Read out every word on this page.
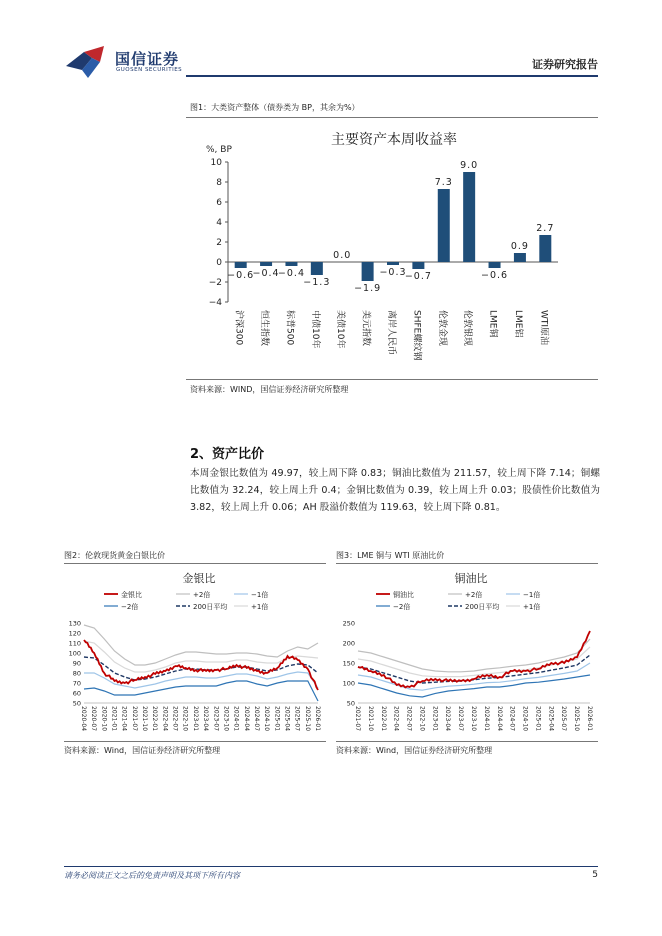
国信证券
GUOSEN SECURITIES	证券研究报告
图1：大类资产整体（债券类为 BP，其余为%）
主要资产本周收益率
%, BP
10
8
6
4
2
0
−2
−4
−0.6
−0.4
−0.4
−1.3
0.0
−1.9
−0.3
−0.7
7.3
9.0
−0.6
0.9
2.7
沪深300 恒生指数 标普500 中债10年 美债10年 美元指数 离岸人民币 SHFE螺纹钢 伦敦金现 伦敦银现 LME铜 LME铝 WTI原油
资料来源：WIND，国信证券经济研究所整理
2、资产比价
本周金银比数值为 49.97，较上周下降 0.83；铜油比数值为 211.57，较上周下降 7.14；铜螺比数值为 32.24，较上周上升 0.4；金铜比数值为 0.39，较上周上升 0.03；股债性价比数值为 3.82，较上周上升 0.06；AH 股溢价数值为 119.63，较上周下降 0.81。
图2：伦敦现货黄金白银比价
金银比
金银比	+2倍	−1倍
−2倍	200日平均	+1倍
130
120
110
100
90
80
70
60
50
2020-04 2020-07 2020-10 2021-01 2021-04 2021-07 2021-10 2022-01 2022-04 2022-07 2022-10 2023-01 2023-04 2023-07 2023-10 2024-01 2024-04 2024-07 2024-10 2025-01 2025-04 2025-07 2025-10 2026-01
资料来源：Wind，国信证券经济研究所整理
图3：LME 铜与 WTI 原油比价
铜油比
铜油比	+2倍	−1倍
−2倍	200日平均	+1倍
250
200
150
100
50
2021-07 2021-10 2022-01 2022-04 2022-07 2022-10 2023-01 2023-04 2023-07 2023-10 2024-01 2024-04 2024-07 2024-10 2025-01 2025-04 2025-07 2025-10 2026-01
资料来源：Wind，国信证券经济研究所整理
请务必阅读正文之后的免责声明及其项下所有内容	5
